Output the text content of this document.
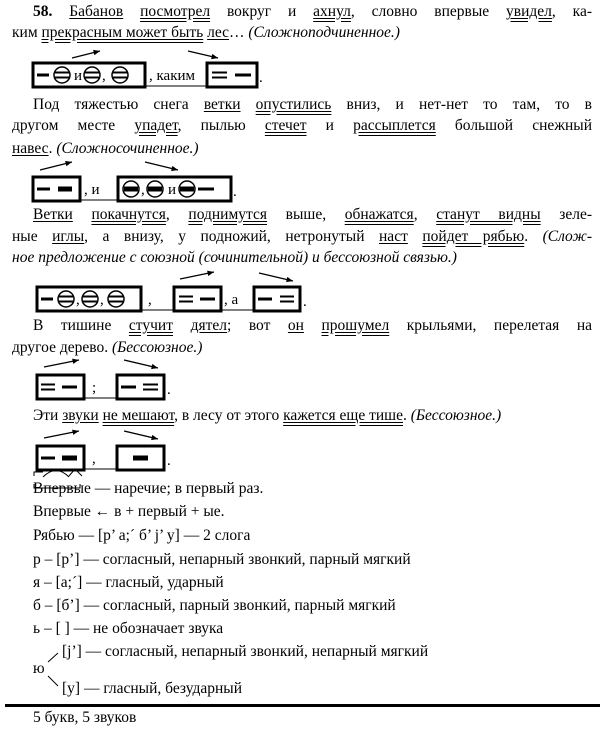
58. Бабанов посмотрел вокруг и ахнул, словно впервые увидел, ка-
ким прекрасным может быть лес… (Сложноподчиненное.)
Под тяжестью снега ветки опустились вниз, и нет-нет то там, то в
другом месте упадет, пылью стечет и рассыплется большой снежный
навес. (Сложносочиненное.)
Ветки покачнутся, поднимутся выше, обнажатся, станут видны зеле-
ные иглы, а внизу, у подножий, нетронутый наст пойдет рябью. (Слож-
ное предложение с союзной (сочинительной) и бессоюзной связью.)
В тишине стучит дятел; вот он прошумел крыльями, перелетая на
другое дерево. (Бессоюзное.)
Эти звуки не мешают, в лесу от этого кажется еще тише. (Бессоюзное.)
и ,	, каким	.
, и	, и	.
, ,	,	, а	.
;	.
,	.
Впервые — наречие; в первый раз.
Впервые ← в + первый + ые.
Рябью — [р’ а;´ б’ j’ у] — 2 слога
р – [р’] — согласный, непарный звонкий, парный мягкий
я – [а;´] — гласный, ударный
б – [б’] — согласный, парный звонкий, парный мягкий
ь – [ ] — не обозначает звука
[j’] — согласный, непарный звонкий, непарный мягкий
ю
[у] — гласный, безударный
5 букв, 5 звуков
